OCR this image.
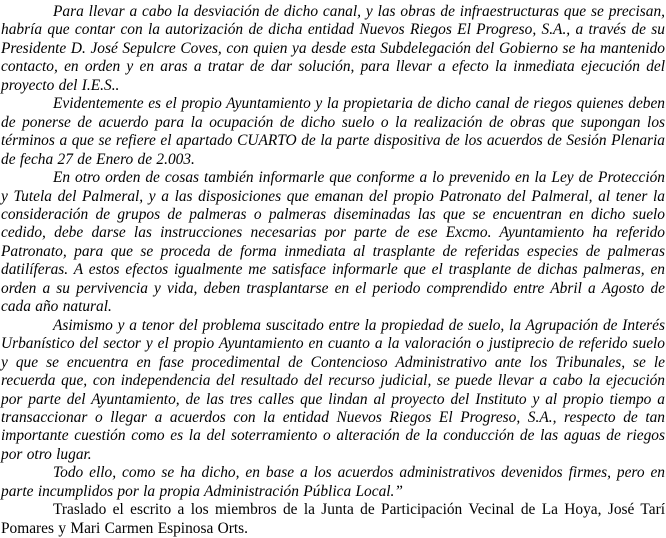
Para llevar a cabo la desviación de dicho canal, y las obras de infraestructuras que se precisan, habría que contar con la autorización de dicha entidad Nuevos Riegos El Progreso, S.A., a través de su Presidente D. José Sepulcre Coves, con quien ya desde esta Subdelegación del Gobierno se ha mantenido contacto, en orden y en aras a tratar de dar solución, para llevar a efecto la inmediata ejecución del proyecto del I.E.S..

Evidentemente es el propio Ayuntamiento y la propietaria de dicho canal de riegos quienes deben de ponerse de acuerdo para la ocupación de dicho suelo o la realización de obras que supongan los términos a que se refiere el apartado CUARTO de la parte dispositiva de los acuerdos de Sesión Plenaria de fecha 27 de Enero de 2.003.

En otro orden de cosas también informarle que conforme a lo prevenido en la Ley de Protección y Tutela del Palmeral, y a las disposiciones que emanan del propio Patronato del Palmeral, al tener la consideración de grupos de palmeras o palmeras diseminadas las que se encuentran en dicho suelo cedido, debe darse las instrucciones necesarias por parte de ese Excmo. Ayuntamiento ha referido Patronato, para que se proceda de forma inmediata al trasplante de referidas especies de palmeras datilíferas. A estos efectos igualmente me satisface informarle que el trasplante de dichas palmeras, en orden a su pervivencia y vida, deben trasplantarse en el periodo comprendido entre Abril a Agosto de cada año natural.

Asimismo y a tenor del problema suscitado entre la propiedad de suelo, la Agrupación de Interés Urbanístico del sector y el propio Ayuntamiento en cuanto a la valoración o justiprecio de referido suelo y que se encuentra en fase procedimental de Contencioso Administrativo ante los Tribunales, se le recuerda que, con independencia del resultado del recurso judicial, se puede llevar a cabo la ejecución por parte del Ayuntamiento, de las tres calles que lindan al proyecto del Instituto y al propio tiempo a transaccionar o llegar a acuerdos con la entidad Nuevos Riegos El Progreso, S.A., respecto de tan importante cuestión como es la del soterramiento o alteración de la conducción de las aguas de riegos por otro lugar.

Todo ello, como se ha dicho, en base a los acuerdos administrativos devenidos firmes, pero en parte incumplidos por la propia Administración Pública Local.”

Traslado el escrito a los miembros de la Junta de Participación Vecinal de La Hoya, José Tarí Pomares y Mari Carmen Espinosa Orts.
